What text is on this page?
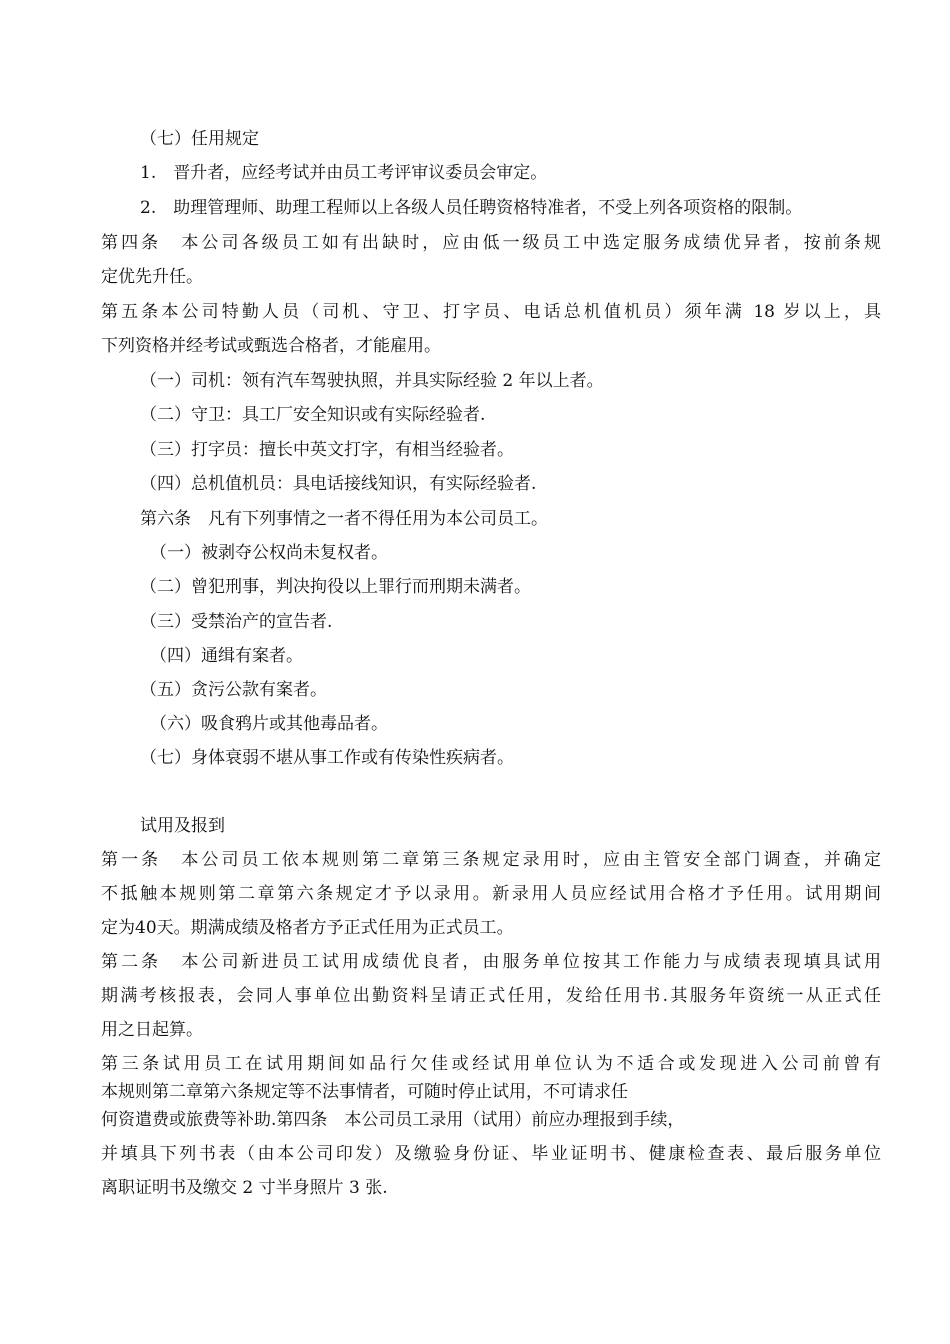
（七）任用规定
1.　晋升者，应经考试并由员工考评审议委员会审定。
2.　助理管理师、助理工程师以上各级人员任聘资格特准者，不受上列各项资格的限制。
第四条　本公司各级员工如有出缺时，应由低一级员工中选定服务成绩优异者，按前条规
定优先升任。
第五条本公司特勤人员（司机、守卫、打字员、电话总机值机员）须年满 18 岁以上，具
下列资格并经考试或甄选合格者，才能雇用。
（一）司机：领有汽车驾驶执照，并具实际经验 2 年以上者。
（二）守卫：具工厂安全知识或有实际经验者.
（三）打字员：擅长中英文打字，有相当经验者。
（四）总机值机员：具电话接线知识，有实际经验者.
第六条　凡有下列事情之一者不得任用为本公司员工。
（一）被剥夺公权尚未复权者。
（二）曾犯刑事，判决拘役以上罪行而刑期未满者。
（三）受禁治产的宣告者.
（四）通缉有案者。
（五）贪污公款有案者。
（六）吸食鸦片或其他毒品者。
（七）身体衰弱不堪从事工作或有传染性疾病者。
试用及报到
第一条　本公司员工依本规则第二章第三条规定录用时，应由主管安全部门调查，并确定
不抵触本规则第二章第六条规定才予以录用。新录用人员应经试用合格才予任用。试用期间
定为40天。期满成绩及格者方予正式任用为正式员工。
第二条　本公司新进员工试用成绩优良者，由服务单位按其工作能力与成绩表现填具试用
期满考核报表，会同人事单位出勤资料呈请正式任用，发给任用书.其服务年资统一从正式任
用之日起算。
第三条试用员工在试用期间如品行欠佳或经试用单位认为不适合或发现进入公司前曾有
本规则第二章第六条规定等不法事情者，可随时停止试用，不可请求任
何资遣费或旅费等补助.第四条　本公司员工录用（试用）前应办理报到手续，
并填具下列书表（由本公司印发）及缴验身份证、毕业证明书、健康检查表、最后服务单位
离职证明书及缴交 2 寸半身照片 3 张.
